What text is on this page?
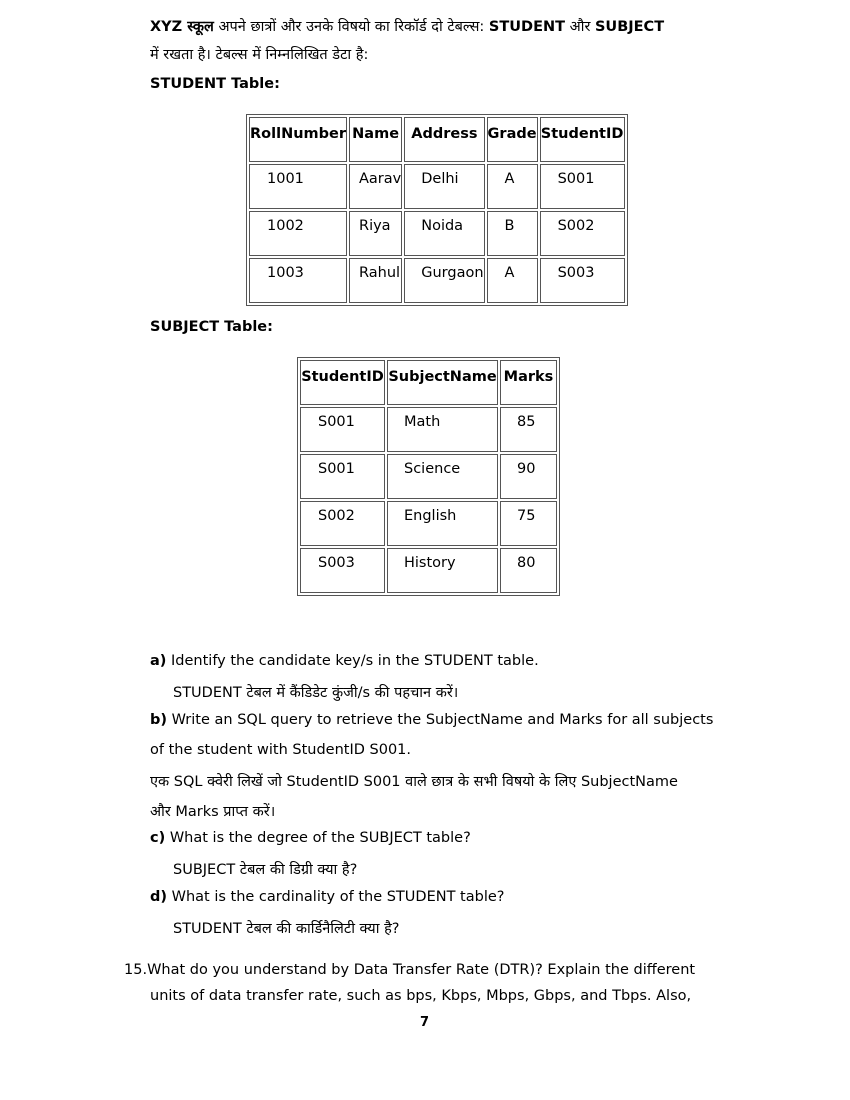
XYZ स्कूल अपने छात्रों और उनके विषयो का रिकॉर्ड दो टेबल्स: STUDENT और SUBJECT
में रखता है। टेबल्स में निम्नलिखित डेटा है:
STUDENT Table:
RollNumber	Name	Address	Grade	StudentID
1001	Aarav	Delhi	A	S001
1002	Riya	Noida	B	S002
1003	Rahul	Gurgaon	A	S003
SUBJECT Table:
StudentID	SubjectName	Marks
S001	Math	85
S001	Science	90
S002	English	75
S003	History	80
a) Identify the candidate key/s in the STUDENT table.
STUDENT टेबल में कैंडिडेट कुंजी/s की पहचान करें।
b) Write an SQL query to retrieve the SubjectName and Marks for all subjects
of the student with StudentID S001.
एक SQL क्वेरी लिखें जो StudentID S001 वाले छात्र के सभी विषयो के लिए SubjectName
और Marks प्राप्त करें।
c) What is the degree of the SUBJECT table?
SUBJECT टेबल की डिग्री क्या है?
d) What is the cardinality of the STUDENT table?
STUDENT टेबल की कार्डिनैलिटी क्या है?
15.What do you understand by Data Transfer Rate (DTR)? Explain the different
units of data transfer rate, such as bps, Kbps, Mbps, Gbps, and Tbps. Also,
7
